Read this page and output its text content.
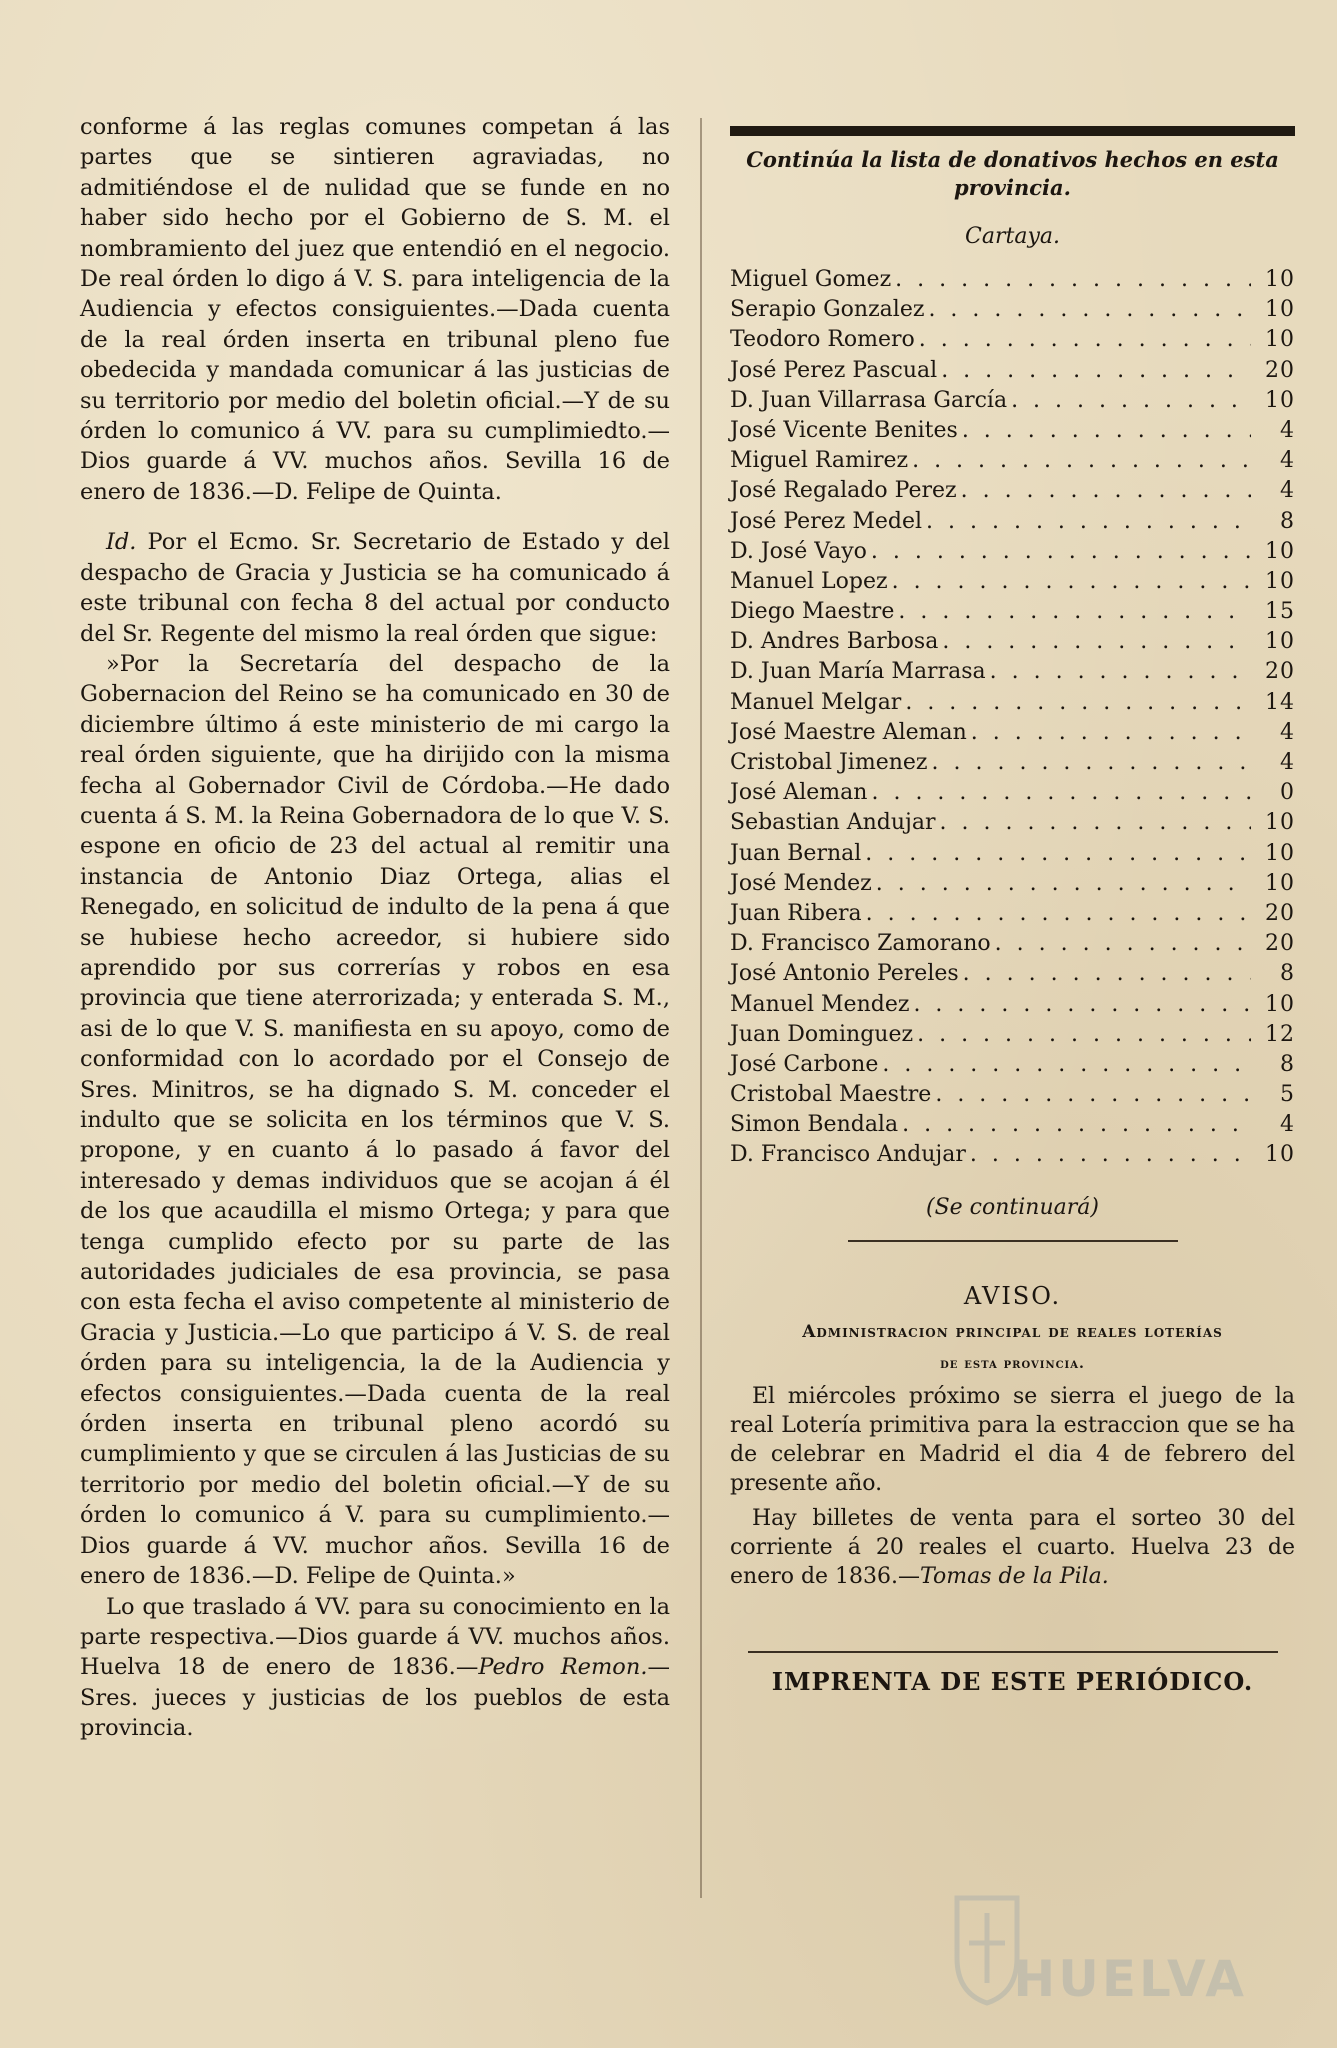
conforme á las reglas comunes competan á las partes que se sintieren agraviadas, no admitiéndose el de nulidad que se funde en no haber sido hecho por el Gobierno de S. M. el nombramiento del juez que entendió en el negocio. De real órden lo digo á V. S. para inteligencia de la Audiencia y efectos consiguientes.—Dada cuenta de la real órden inserta en tribunal pleno fue obedecida y mandada comunicar á las justicias de su territorio por medio del boletin oficial.—Y de su órden lo comunico á VV. para su cumplimiedto.—Dios guarde á VV. muchos años. Sevilla 16 de enero de 1836.—D. Felipe de Quinta.

Id. Por el Ecmo. Sr. Secretario de Estado y del despacho de Gracia y Justicia se ha comunicado á este tribunal con fecha 8 del actual por conducto del Sr. Regente del mismo la real órden que sigue:

»Por la Secretaría del despacho de la Gobernacion del Reino se ha comunicado en 30 de diciembre último á este ministerio de mi cargo la real órden siguiente, que ha dirijido con la misma fecha al Gobernador Civil de Córdoba.—He dado cuenta á S. M. la Reina Gobernadora de lo que V. S. espone en oficio de 23 del actual al remitir una instancia de Antonio Diaz Ortega, alias el Renegado, en solicitud de indulto de la pena á que se hubiese hecho acreedor, si hubiere sido aprendido por sus correrías y robos en esa provincia que tiene aterrorizada; y enterada S. M., asi de lo que V. S. manifiesta en su apoyo, como de conformidad con lo acordado por el Consejo de Sres. Minitros, se ha dignado S. M. conceder el indulto que se solicita en los términos que V. S. propone, y en cuanto á lo pasado á favor del interesado y demas individuos que se acojan á él de los que acaudilla el mismo Ortega; y para que tenga cumplido efecto por su parte de las autoridades judiciales de esa provincia, se pasa con esta fecha el aviso competente al ministerio de Gracia y Justicia.—Lo que participo á V. S. de real órden para su inteligencia, la de la Audiencia y efectos consiguientes.—Dada cuenta de la real órden inserta en tribunal pleno acordó su cumplimiento y que se circulen á las Justicias de su territorio por medio del boletin oficial.—Y de su órden lo comunico á V. para su cumplimiento.—Dios guarde á VV. muchor años. Sevilla 16 de enero de 1836.—D. Felipe de Quinta.»

Lo que traslado á VV. para su conocimiento en la parte respectiva.—Dios guarde á VV. muchos años. Huelva 18 de enero de 1836.—Pedro Remon.—Sres. jueces y justicias de los pueblos de esta provincia.

Continúa la lista de donativos hechos en esta provincia.

Cartaya.
Miguel Gomez . . .	10
Serapio Gonzalez . . .	10
Teodoro Romero . . .	10
José Perez Pascual . . .	20
D. Juan Villarrasa García . . .	10
José Vicente Benites . . .	4
Miguel Ramirez . . .	4
José Regalado Perez . . .	4
José Perez Medel . . .	8
D. José Vayo . . .	10
Manuel Lopez . . .	10
Diego Maestre . . .	15
D. Andres Barbosa . . .	10
D. Juan María Marrasa . . .	20
Manuel Melgar . . .	14
José Maestre Aleman . . .	4
Cristobal Jimenez . . .	4
José Aleman . . .	0
Sebastian Andujar . . .	10
Juan Bernal . . .	10
José Mendez . . .	10
Juan Ribera . . .	20
D. Francisco Zamorano . . .	20
José Antonio Pereles . . .	8
Manuel Mendez . . .	10
Juan Dominguez . . .	12
José Carbone . . .	8
Cristobal Maestre . . .	5
Simon Bendala . . .	4
D. Francisco Andujar . . .	10
(Se continuará)
AVISO.
Administracion principal de reales loterías
de esta provincia.

El miércoles próximo se sierra el juego de la real Lotería primitiva para la estraccion que se ha de celebrar en Madrid el dia 4 de febrero del presente año.

Hay billetes de venta para el sorteo 30 del corriente á 20 reales el cuarto. Huelva 23 de enero de 1836.—Tomas de la Pila.

IMPRENTA DE ESTE PERIÓDICO.
HUELVA
